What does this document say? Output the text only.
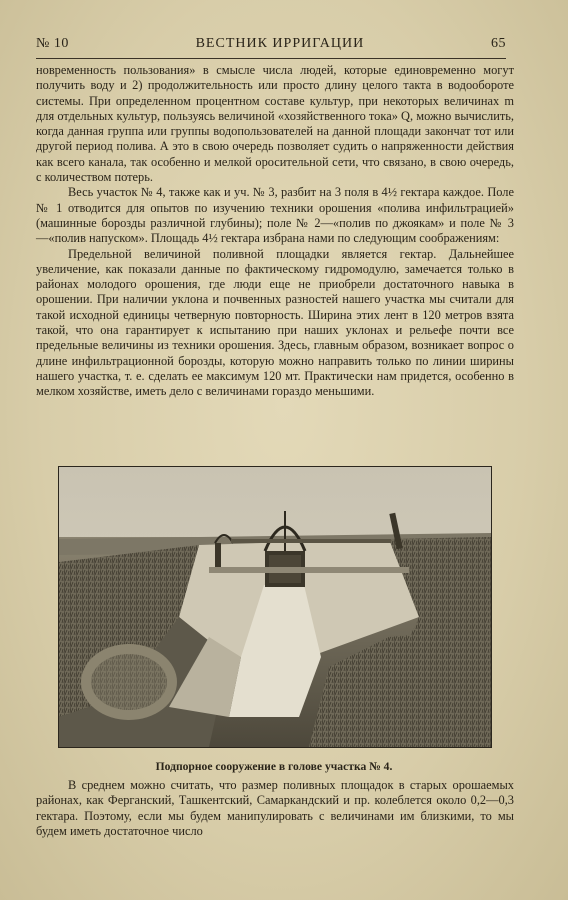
№ 10	ВЕСТНИК ИРРИГАЦИИ	65

новременность пользования» в смысле числа людей, которые единовременно могут получить воду и 2) продолжительность или просто длину целого такта в водообороте системы. При определенном процентном составе культур, при некоторых величинах m для отдельных культур, пользуясь величиной «хозяйственного тока» Q, можно вычислить, когда данная группа или группы водопользователей на данной площади закончат тот или другой период полива. А это в свою очередь позволяет судить о напряженности действия как всего канала, так особенно и мелкой оросительной сети, что связано, в свою очередь, с количеством потерь.

Весь участок № 4, также как и уч. № 3, разбит на 3 поля в 4½ гектара каждое. Поле № 1 отводится для опытов по изучению техники орошения «полива инфильтрацией» (машинные борозды различной глубины); поле № 2—«полив по джоякам» и поле № 3—«полив напуском». Площадь 4½ гектара избрана нами по следующим соображениям:

Предельной величиной поливной площадки является гектар. Дальнейшее увеличение, как показали данные по фактическому гидромодулю, замечается только в районах молодого орошения, где люди еще не приобрели достаточного навыка в орошении. При наличии уклона и почвенных разностей нашего участка мы считали для такой исходной единицы четверную повторность. Ширина этих лент в 120 метров взята такой, что она гарантирует к испытанию при наших уклонах и рельефе почти все предельные величины из техники орошения. Здесь, главным образом, возникает вопрос о длине инфильтрационной борозды, которую можно направить только по линии ширины нашего участка, т. е. сделать ее максимум 120 мт. Практически нам придется, особенно в мелком хозяйстве, иметь дело с величинами гораздо меньшими.

Подпорное сооружение в голове участка № 4.

В среднем можно считать, что размер поливных площадок в старых орошаемых районах, как Ферганский, Ташкентский, Самаркандский и пр. колеблется около 0,2—0,3 гектара. Поэтому, если мы будем манипулировать с величинами им близкими, то мы будем иметь достаточное число
